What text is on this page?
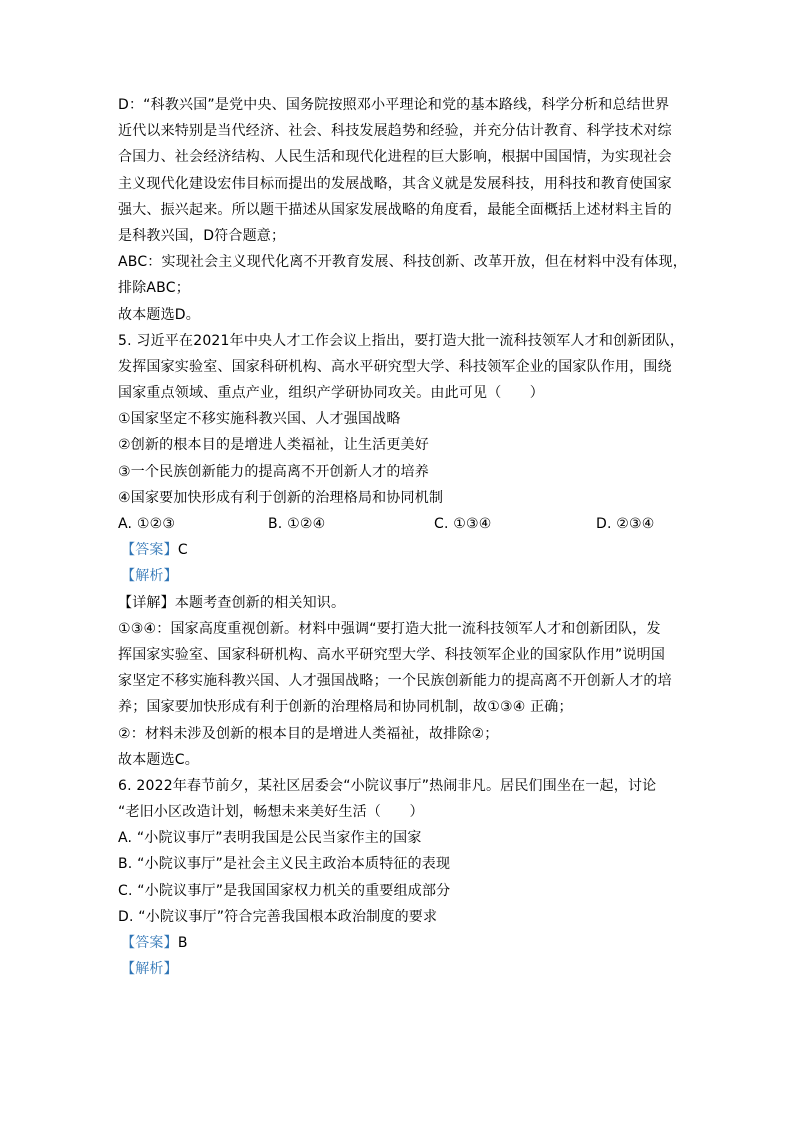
D：“科教兴国”是党中央、国务院按照邓小平理论和党的基本路线，科学分析和总结世界
近代以来特别是当代经济、社会、科技发展趋势和经验，并充分估计教育、科学技术对综
合国力、社会经济结构、人民生活和现代化进程的巨大影响，根据中国国情，为实现社会
主义现代化建设宏伟目标而提出的发展战略，其含义就是发展科技，用科技和教育使国家
强大、振兴起来。所以题干描述从国家发展战略的角度看，最能全面概括上述材料主旨的
是科教兴国，D符合题意；
ABC：实现社会主义现代化离不开教育发展、科技创新、改革开放，但在材料中没有体现，
排除ABC；
故本题选D。
5. 习近平在2021年中央人才工作会议上指出，要打造大批一流科技领军人才和创新团队，
发挥国家实验室、国家科研机构、高水平研究型大学、科技领军企业的国家队作用，围绕
国家重点领域、重点产业，组织产学研协同攻关。由此可见（　　）
①国家坚定不移实施科教兴国、人才强国战略
②创新的根本目的是增进人类福祉，让生活更美好
③一个民族创新能力的提高离不开创新人才的培养
④国家要加快形成有利于创新的治理格局和协同机制
A. ①②③	B. ①②④	C. ①③④	D. ②③④
【答案】C
【解析】
【详解】本题考查创新的相关知识。
①③④：国家高度重视创新。材料中强调“要打造大批一流科技领军人才和创新团队，发
挥国家实验室、国家科研机构、高水平研究型大学、科技领军企业的国家队作用”说明国
家坚定不移实施科教兴国、人才强国战略；一个民族创新能力的提高离不开创新人才的培
养；国家要加快形成有利于创新的治理格局和协同机制，故①③④ 正确；
②：材料未涉及创新的根本目的是增进人类福祉，故排除②；
故本题选C。
6. 2022年春节前夕，某社区居委会“小院议事厅”热闹非凡。居民们围坐在一起，讨论
“老旧小区改造计划，畅想未来美好生活（　　）
A. “小院议事厅”表明我国是公民当家作主的国家
B. “小院议事厅”是社会主义民主政治本质特征的表现
C. “小院议事厅”是我国国家权力机关的重要组成部分
D. “小院议事厅”符合完善我国根本政治制度的要求
【答案】B
【解析】
